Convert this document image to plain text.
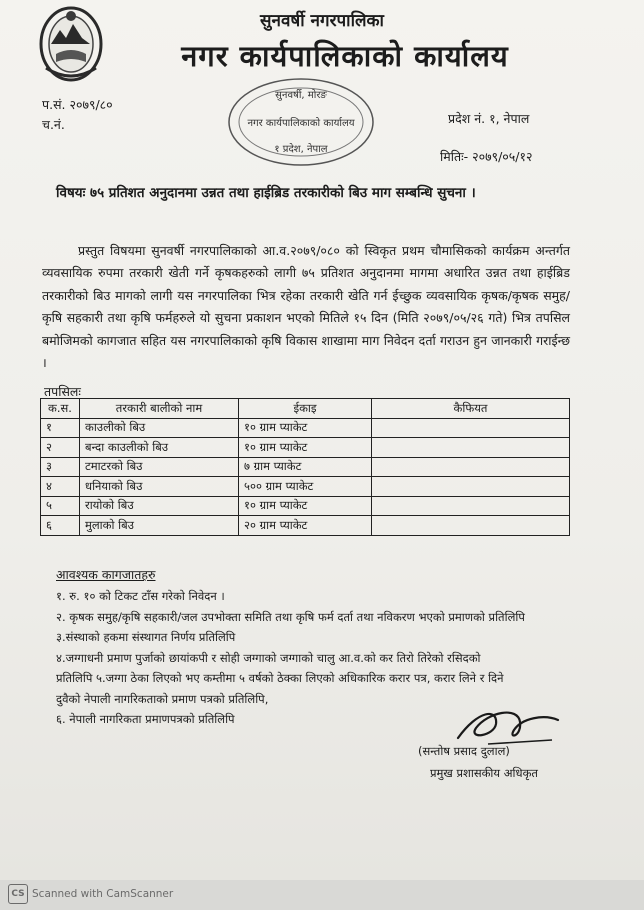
सुनवर्षी नगरपालिका
नगर कार्यपालिकाको कार्यालय
प.सं. २०७९/८०
च.नं.	प्रदेश नं. १, नेपाल
मितिः- २०७९/०५/१२
सुनवर्षी, मोरङ
नगर कार्यपालिकाको कार्यालय
१ प्रदेश, नेपाल
विषयः ७५ प्रतिशत अनुदानमा उन्नत तथा हाईब्रिड तरकारीको बिउ माग सम्बन्धि सुचना ।
प्रस्तुत विषयमा सुनवर्षी नगरपालिकाको आ.व.२०७९/०८० को स्विकृत प्रथम चौमासिकको कार्यक्रम अन्तर्गत व्यवसायिक रुपमा तरकारी खेती गर्ने कृषकहरुको लागी ७५ प्रतिशत अनुदानमा मागमा अधारित उन्नत तथा हाईब्रिड तरकारीको बिउ मागको लागी यस नगरपालिका भित्र रहेका तरकारी खेति गर्न ईच्छुक व्यवसायिक कृषक/कृषक समुह/कृषि सहकारी तथा कृषि फर्महरुले यो सुचना प्रकाशन भएको मितिले १५ दिन (मिति २०७९/०५/२६ गते) भित्र तपसिल बमोजिमको कागजात सहित यस नगरपालिकाको कृषि विकास शाखामा माग निवेदन दर्ता गराउन हुन जानकारी गराईन्छ ।
तपसिलः
क.स.	तरकारी बालीको नाम	ईकाइ	कैफियत
१	काउलीको बिउ	१० ग्राम प्याकेट	
२	बन्दा काउलीको बिउ	१० ग्राम प्याकेट	
३	टमाटरको बिउ	७ ग्राम प्याकेट	
४	धनियाको बिउ	५०० ग्राम प्याकेट	
५	रायोको बिउ	१० ग्राम प्याकेट	
६	मुलाको बिउ	२० ग्राम प्याकेट	
आवश्यक कागजातहरु
१. रु. १० को टिकट टाँस गरेको निवेदन ।
२. कृषक समुह/कृषि सहकारी/जल उपभोक्ता समिति तथा कृषि फर्म दर्ता तथा नविकरण भएको प्रमाणको प्रतिलिपि
३.संस्थाको हकमा संस्थागत निर्णय प्रतिलिपि
४.जग्गाधनी प्रमाण पुर्जाको छायांकपी र सोही जग्गाको जग्गाको चालु आ.व.को कर तिरो तिरेको रसिदको
प्रतिलिपि ५.जग्गा ठेका लिएको भए कम्तीमा ५ वर्षको ठेक्का लिएको अधिकारिक करार पत्र, करार लिने र दिने
दुवैको नेपाली नागरिकताको प्रमाण पत्रको प्रतिलिपि,
६. नेपाली नागरिकता प्रमाणपत्रको प्रतिलिपि
(सन्तोष प्रसाद दुलाल)
प्रमुख प्रशासकीय अधिकृत
CS Scanned with CamScanner
